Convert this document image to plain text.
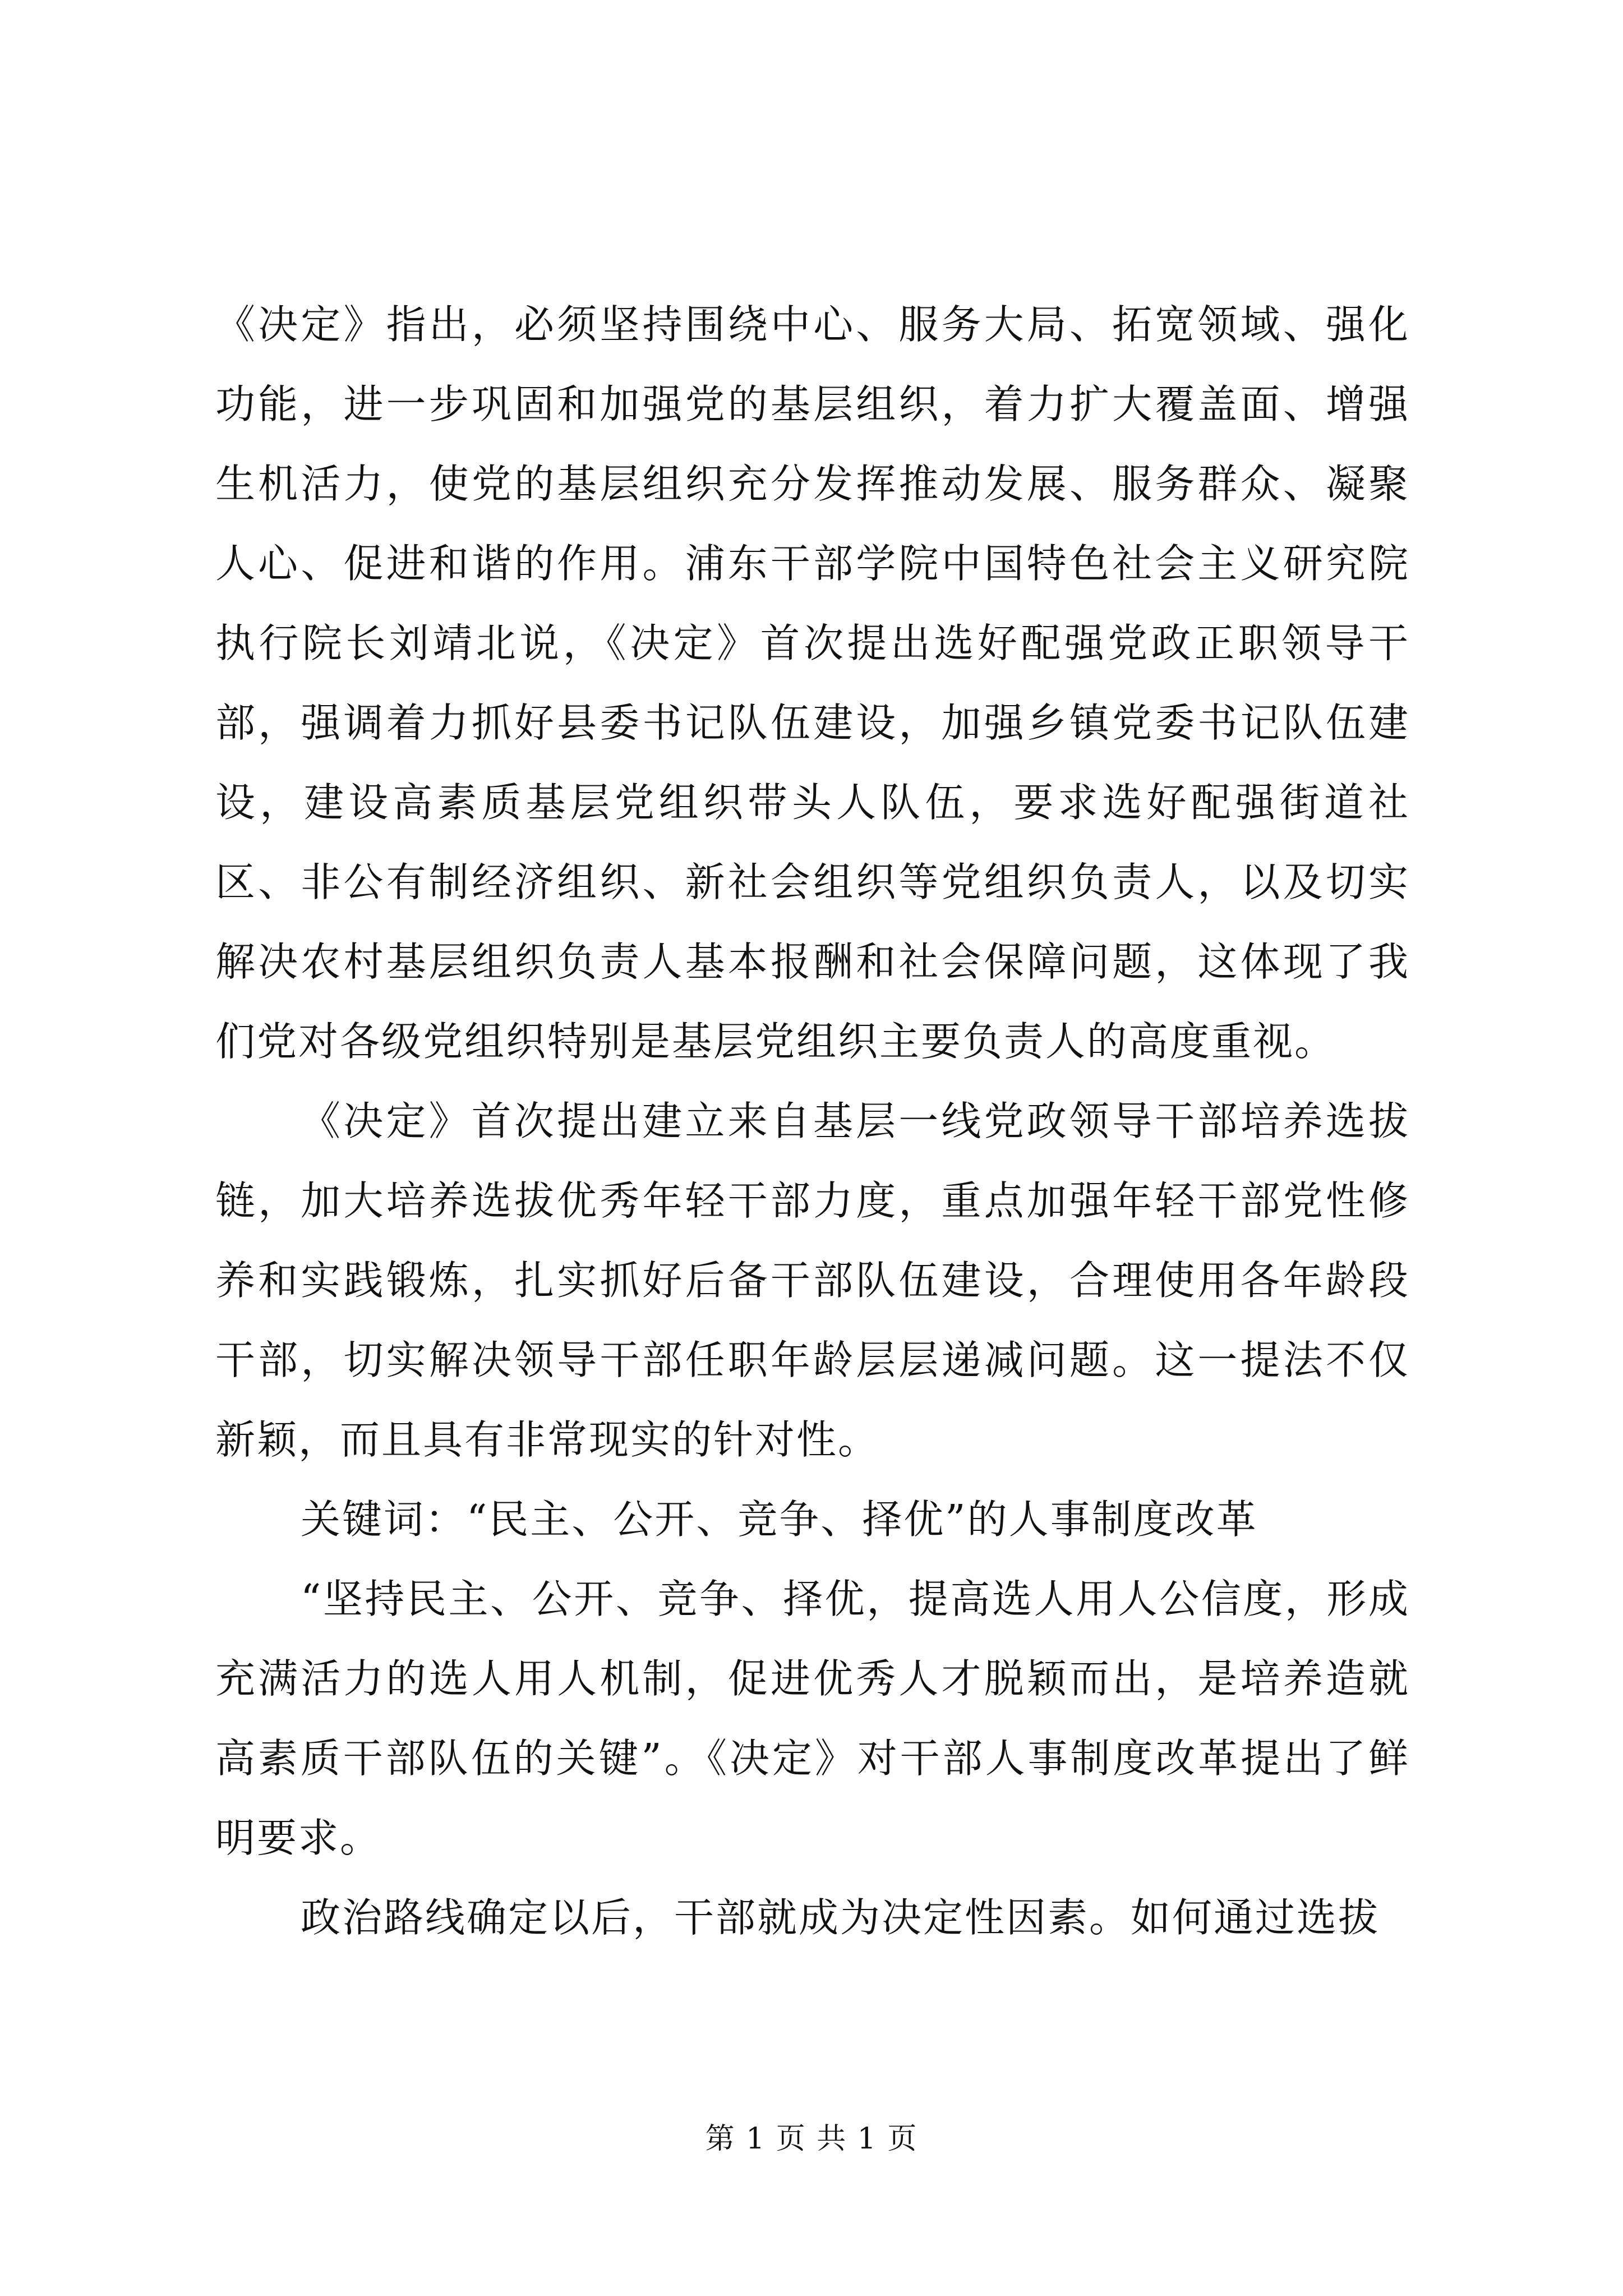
《决定》指出，必须坚持围绕中心、服务大局、拓宽领域、强化功能，进一步巩固和加强党的基层组织，着力扩大覆盖面、增强生机活力，使党的基层组织充分发挥推动发展、服务群众、凝聚人心、促进和谐的作用。浦东干部学院中国特色社会主义研究院执行院长刘靖北说，《决定》首次提出选好配强党政正职领导干部，强调着力抓好县委书记队伍建设，加强乡镇党委书记队伍建设，建设高素质基层党组织带头人队伍，要求选好配强街道社区、非公有制经济组织、新社会组织等党组织负责人，以及切实解决农村基层组织负责人基本报酬和社会保障问题，这体现了我们党对各级党组织特别是基层党组织主要负责人的高度重视。

《决定》首次提出建立来自基层一线党政领导干部培养选拔链，加大培养选拔优秀年轻干部力度，重点加强年轻干部党性修养和实践锻炼，扎实抓好后备干部队伍建设，合理使用各年龄段干部，切实解决领导干部任职年龄层层递减问题。这一提法不仅新颖，而且具有非常现实的针对性。

关键词：“民主、公开、竞争、择优”的人事制度改革

“坚持民主、公开、竞争、择优，提高选人用人公信度，形成充满活力的选人用人机制，促进优秀人才脱颖而出，是培养造就高素质干部队伍的关键”。《决定》对干部人事制度改革提出了鲜明要求。

政治路线确定以后，干部就成为决定性因素。如何通过选拔

第 1 页 共 1 页
